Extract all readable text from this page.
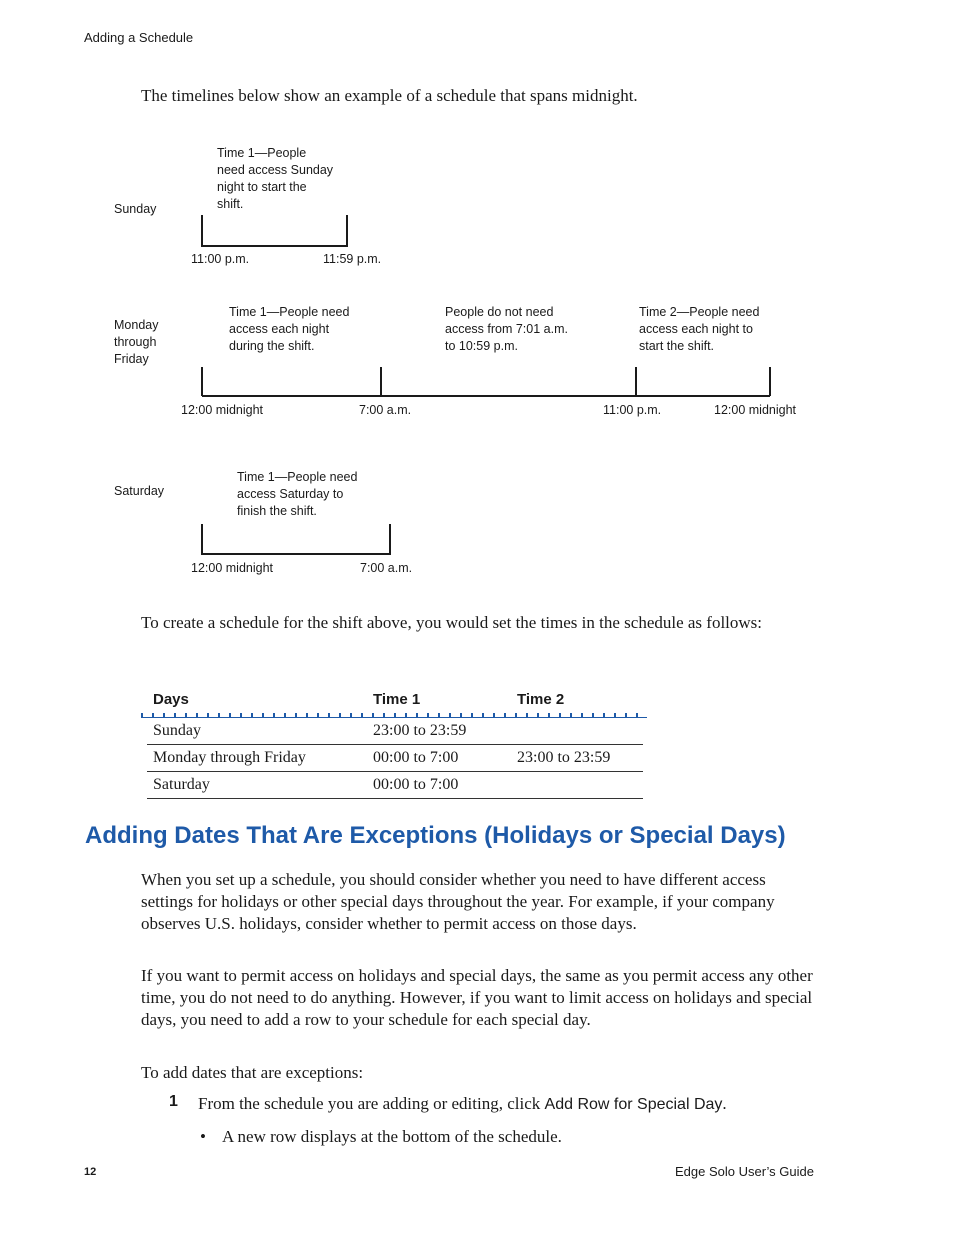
Adding a Schedule
The timelines below show an example of a schedule that spans midnight.
Sunday
Time 1—People need access Sunday night to start the shift.
11:00 p.m.	11:59 p.m.
Monday through Friday
Time 1—People need access each night during the shift.
People do not need access from 7:01 a.m. to 10:59 p.m.
Time 2—People need access each night to start the shift.
12:00 midnight	7:00 a.m.	11:00 p.m.	12:00 midnight
Saturday
Time 1—People need access Saturday to finish the shift.
12:00 midnight	7:00 a.m.
To create a schedule for the shift above, you would set the times in the schedule as follows:
Days	Time 1	Time 2
Sunday	23:00 to 23:59
Monday through Friday	00:00 to 7:00	23:00 to 23:59
Saturday	00:00 to 7:00
Adding Dates That Are Exceptions (Holidays or Special Days)
When you set up a schedule, you should consider whether you need to have different access settings for holidays or other special days throughout the year. For example, if your company observes U.S. holidays, consider whether to permit access on those days.
If you want to permit access on holidays and special days, the same as you permit access any other time, you do not need to do anything. However, if you want to limit access on holidays and special days, you need to add a row to your schedule for each special day.
To add dates that are exceptions:
1 From the schedule you are adding or editing, click Add Row for Special Day.
• A new row displays at the bottom of the schedule.
12	Edge Solo User’s Guide
